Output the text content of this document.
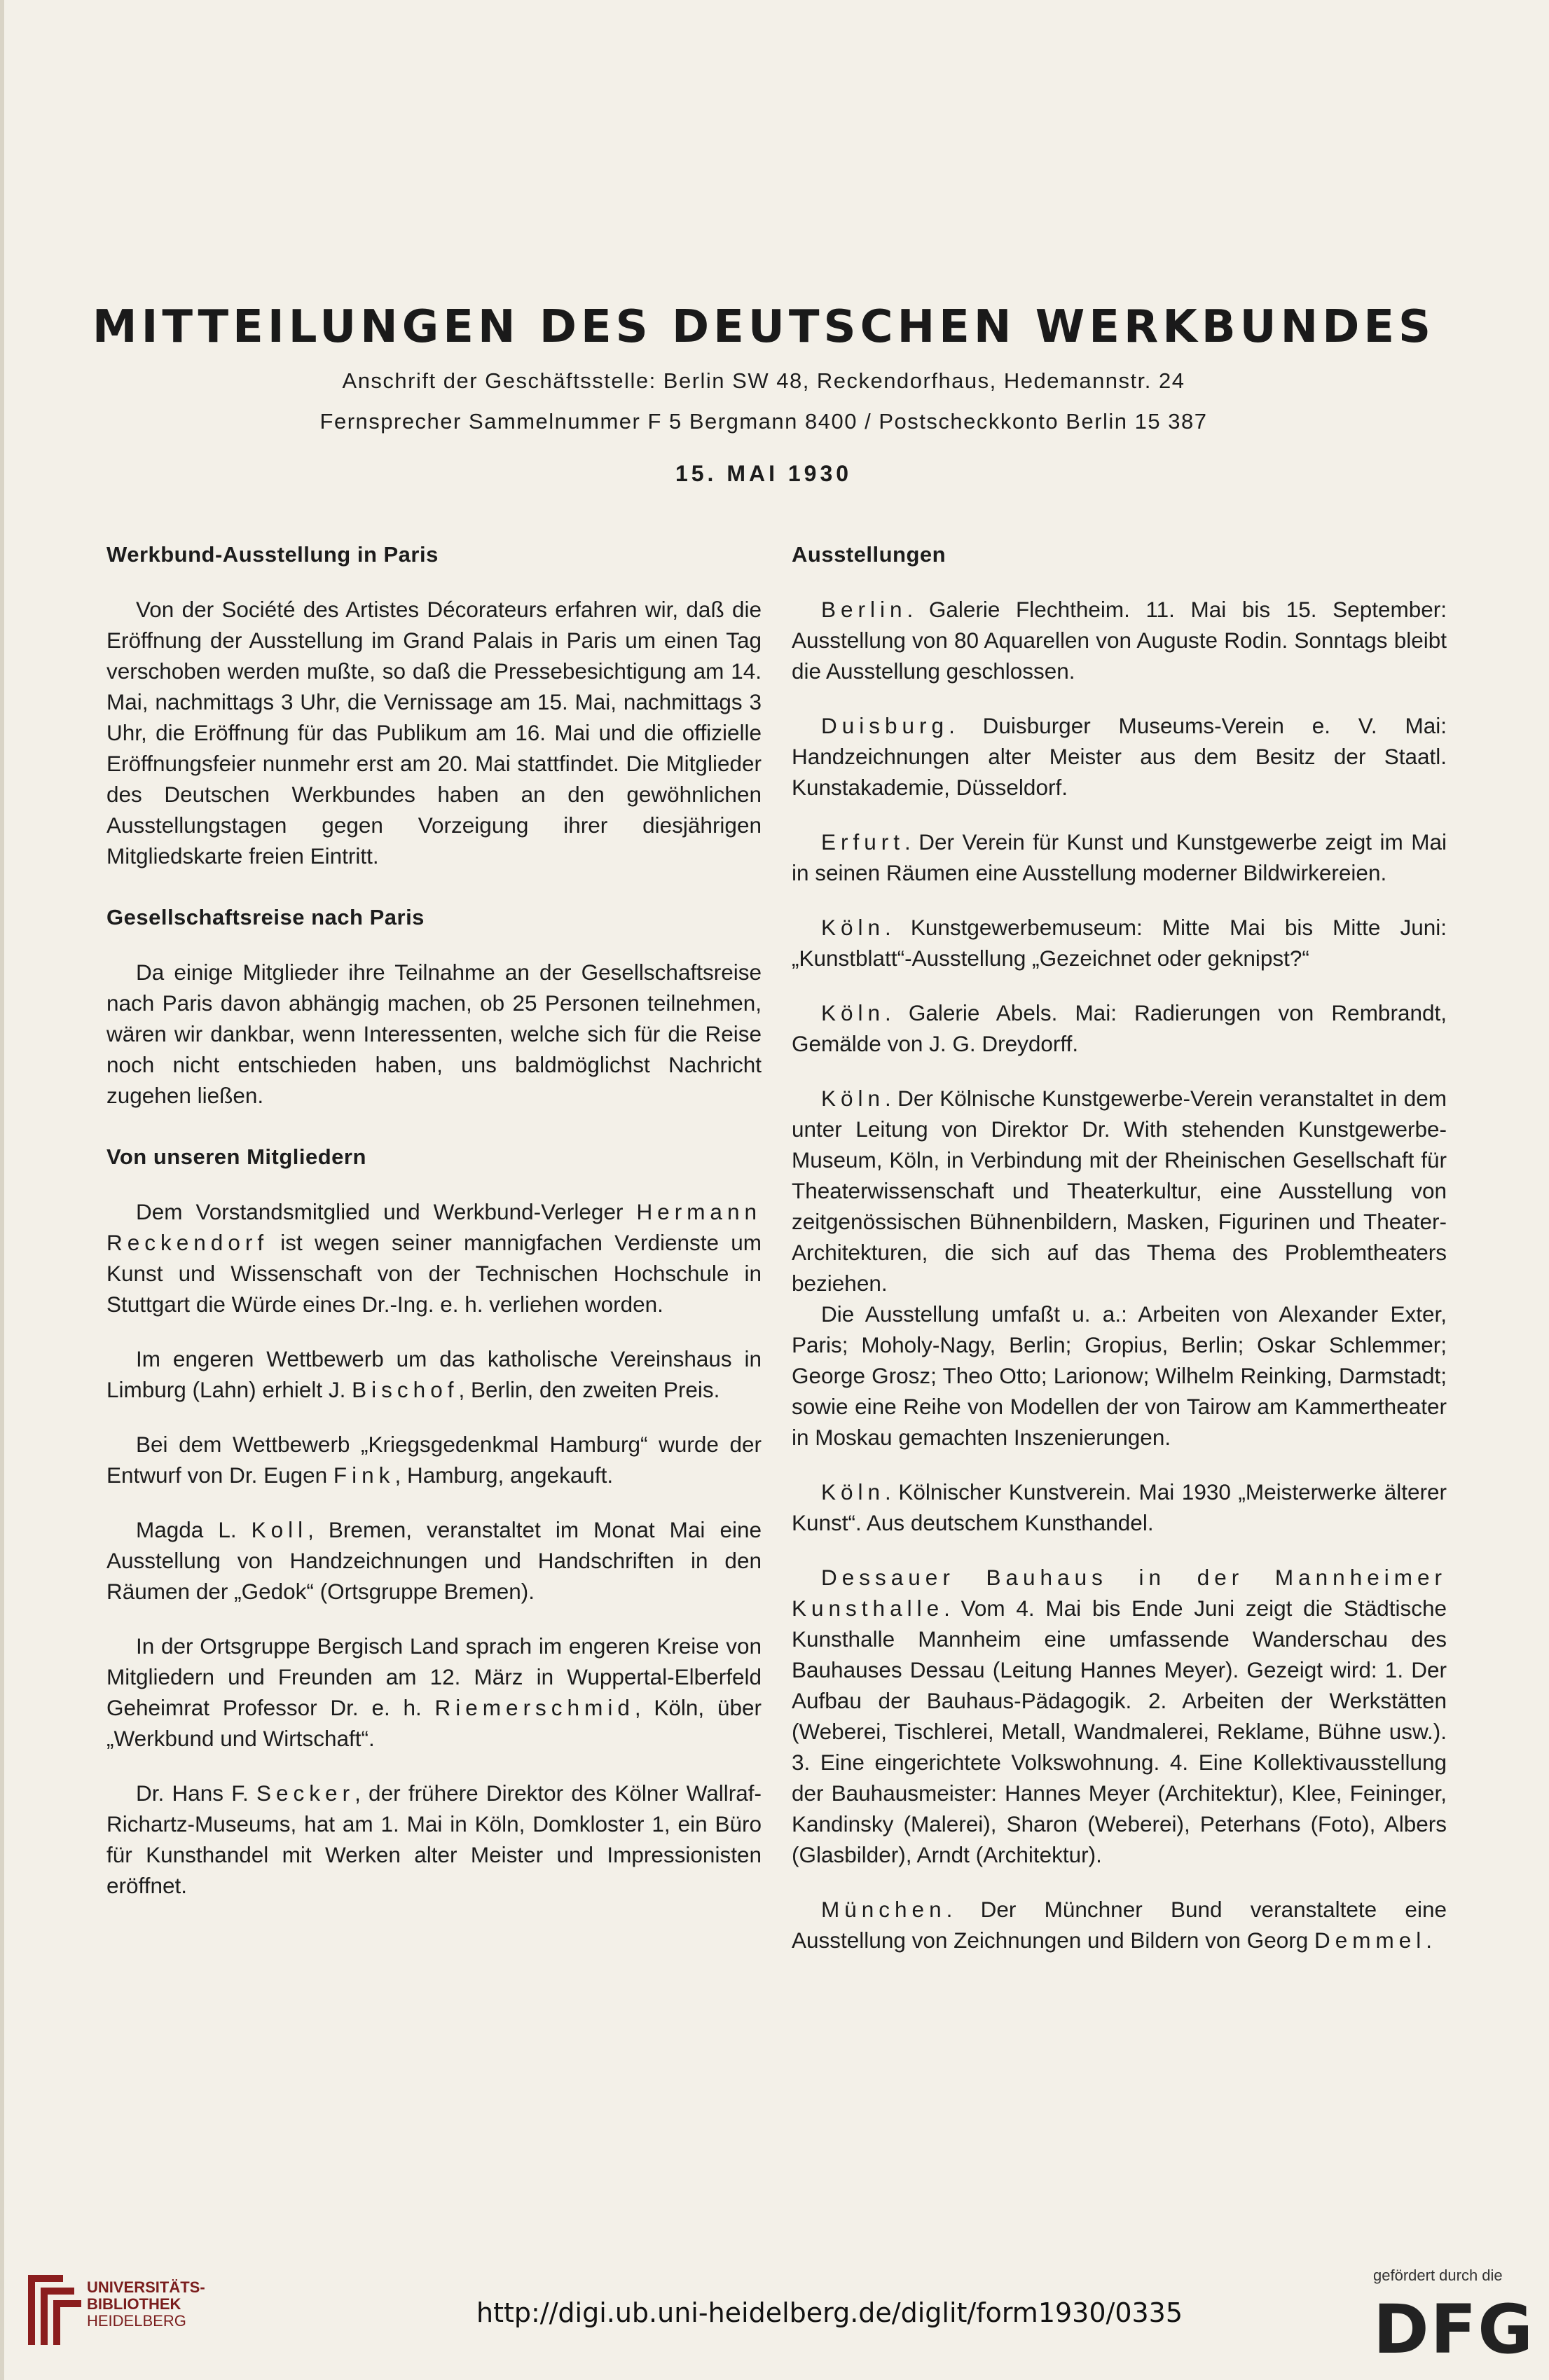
MITTEILUNGEN DES DEUTSCHEN WERKBUNDES
Anschrift der Geschäftsstelle: Berlin SW 48, Reckendorfhaus, Hedemannstr. 24
Fernsprecher Sammelnummer F 5 Bergmann 8400 / Postscheckkonto Berlin 15 387
15. MAI 1930
Werkbund-Ausstellung in Paris

Von der Société des Artistes Décorateurs erfahren wir, daß die Eröffnung der Ausstellung im Grand Palais in Paris um einen Tag verschoben werden mußte, so daß die Pressebesichtigung am 14. Mai, nachmittags 3 Uhr, die Vernissage am 15. Mai, nachmittags 3 Uhr, die Eröffnung für das Publikum am 16. Mai und die offizielle Eröffnungsfeier nunmehr erst am 20. Mai stattfindet. Die Mitglieder des Deutschen Werkbundes haben an den gewöhnlichen Ausstellungstagen gegen Vorzeigung ihrer diesjährigen Mitgliedskarte freien Eintritt.

Gesellschaftsreise nach Paris

Da einige Mitglieder ihre Teilnahme an der Gesellschaftsreise nach Paris davon abhängig machen, ob 25 Personen teilnehmen, wären wir dankbar, wenn Interessenten, welche sich für die Reise noch nicht entschieden haben, uns baldmöglichst Nachricht zugehen ließen.

Von unseren Mitgliedern

Dem Vorstandsmitglied und Werkbund-Verleger Hermann Reckendorf ist wegen seiner mannigfachen Verdienste um Kunst und Wissenschaft von der Technischen Hochschule in Stuttgart die Würde eines Dr.-Ing. e. h. verliehen worden.

Im engeren Wettbewerb um das katholische Vereinshaus in Limburg (Lahn) erhielt J. Bischof, Berlin, den zweiten Preis.

Bei dem Wettbewerb „Kriegsgedenkmal Hamburg“ wurde der Entwurf von Dr. Eugen Fink, Hamburg, angekauft.

Magda L. Koll, Bremen, veranstaltet im Monat Mai eine Ausstellung von Handzeichnungen und Handschriften in den Räumen der „Gedok“ (Ortsgruppe Bremen).

In der Ortsgruppe Bergisch Land sprach im engeren Kreise von Mitgliedern und Freunden am 12. März in Wuppertal-Elberfeld Geheimrat Professor Dr. e. h. Riemerschmid, Köln, über „Werkbund und Wirtschaft“.

Dr. Hans F. Secker, der frühere Direktor des Kölner Wallraf-Richartz-Museums, hat am 1. Mai in Köln, Domkloster 1, ein Büro für Kunsthandel mit Werken alter Meister und Impressionisten eröffnet.

Ausstellungen

Berlin. Galerie Flechtheim. 11. Mai bis 15. September: Ausstellung von 80 Aquarellen von Auguste Rodin. Sonntags bleibt die Ausstellung geschlossen.

Duisburg. Duisburger Museums-Verein e. V. Mai: Handzeichnungen alter Meister aus dem Besitz der Staatl. Kunstakademie, Düsseldorf.

Erfurt. Der Verein für Kunst und Kunstgewerbe zeigt im Mai in seinen Räumen eine Ausstellung moderner Bildwirkereien.

Köln. Kunstgewerbemuseum: Mitte Mai bis Mitte Juni: „Kunstblatt“-Ausstellung „Gezeichnet oder geknipst?“

Köln. Galerie Abels. Mai: Radierungen von Rembrandt, Gemälde von J. G. Dreydorff.

Köln. Der Kölnische Kunstgewerbe-Verein veranstaltet in dem unter Leitung von Direktor Dr. With stehenden Kunstgewerbe-Museum, Köln, in Verbindung mit der Rheinischen Gesellschaft für Theaterwissenschaft und Theaterkultur, eine Ausstellung von zeitgenössischen Bühnenbildern, Masken, Figurinen und Theater-Architekturen, die sich auf das Thema des Problemtheaters beziehen.

Die Ausstellung umfaßt u. a.: Arbeiten von Alexander Exter, Paris; Moholy-Nagy, Berlin; Gropius, Berlin; Oskar Schlemmer; George Grosz; Theo Otto; Larionow; Wilhelm Reinking, Darmstadt; sowie eine Reihe von Modellen der von Tairow am Kammertheater in Moskau gemachten Inszenierungen.

Köln. Kölnischer Kunstverein. Mai 1930 „Meisterwerke älterer Kunst“. Aus deutschem Kunsthandel.

Dessauer Bauhaus in der Mannheimer Kunsthalle. Vom 4. Mai bis Ende Juni zeigt die Städtische Kunsthalle Mannheim eine umfassende Wanderschau des Bauhauses Dessau (Leitung Hannes Meyer). Gezeigt wird: 1. Der Aufbau der Bauhaus-Pädagogik. 2. Arbeiten der Werkstätten (Weberei, Tischlerei, Metall, Wandmalerei, Reklame, Bühne usw.). 3. Eine eingerichtete Volkswohnung. 4. Eine Kollektivausstellung der Bauhausmeister: Hannes Meyer (Architektur), Klee, Feininger, Kandinsky (Malerei), Sharon (Weberei), Peterhans (Foto), Albers (Glasbilder), Arndt (Architektur).

München. Der Münchner Bund veranstaltete eine Ausstellung von Zeichnungen und Bildern von Georg Demmel.

UNIVERSITÄTS-
BIBLIOTHEK
HEIDELBERG	http://digi.ub.uni-heidelberg.de/diglit/form1930/0335
gefördert durch die
DFG
